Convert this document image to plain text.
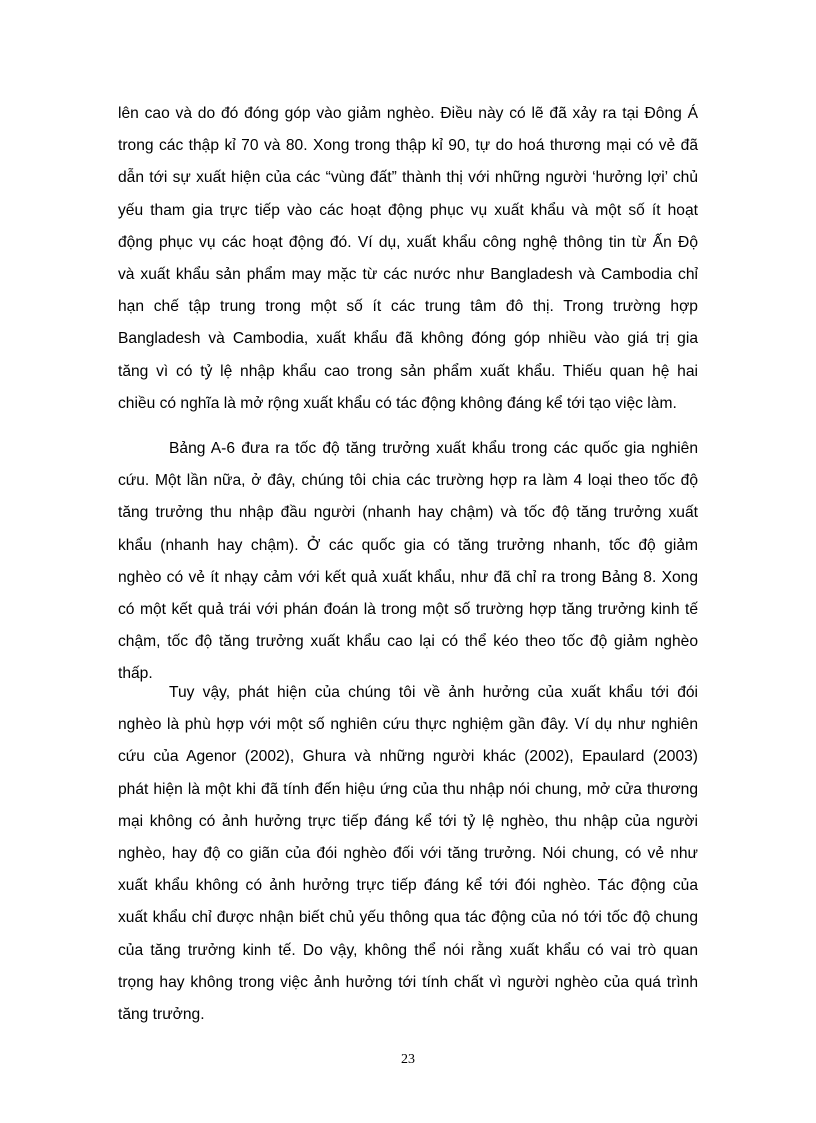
lên cao và do đó đóng góp vào giảm nghèo. Điều này có lẽ đã xảy ra tại Đông Á
trong các thập kỉ 70 và 80. Xong trong thập kỉ 90, tự do hoá thương mại có vẻ đã
dẫn tới sự xuất hiện của các “vùng đất” thành thị với những người ‘hưởng lợi’ chủ
yếu tham gia trực tiếp vào các hoạt động phục vụ xuất khẩu và một số ít hoạt
động phục vụ các hoạt động đó. Ví dụ, xuất khẩu công nghệ thông tin từ Ấn Độ
và xuất khẩu sản phẩm may mặc từ các nước như Bangladesh và Cambodia chỉ
hạn chế tập trung trong một số ít các trung tâm đô thị. Trong trường hợp
Bangladesh và Cambodia, xuất khẩu đã không đóng góp nhiều vào giá trị gia
tăng vì có tỷ lệ nhập khẩu cao trong sản phẩm xuất khẩu. Thiếu quan hệ hai
chiều có nghĩa là mở rộng xuất khẩu có tác động không đáng kể tới tạo việc làm.
Bảng A-6 đưa ra tốc độ tăng trưởng xuất khẩu trong các quốc gia nghiên
cứu. Một lần nữa, ở đây, chúng tôi chia các trường hợp ra làm 4 loại theo tốc độ
tăng trưởng thu nhập đầu người (nhanh hay chậm) và tốc độ tăng trưởng xuất
khẩu (nhanh hay chậm). Ở các quốc gia có tăng trưởng nhanh, tốc độ giảm
nghèo có vẻ ít nhạy cảm với kết quả xuất khẩu, như đã chỉ ra trong Bảng 8. Xong
có một kết quả trái với phán đoán là trong một số trường hợp tăng trưởng kinh tế
chậm, tốc độ tăng trưởng xuất khẩu cao lại có thể kéo theo tốc độ giảm nghèo
thấp.
Tuy vậy, phát hiện của chúng tôi về ảnh hưởng của xuất khẩu tới đói
nghèo là phù hợp với một số nghiên cứu thực nghiệm gần đây. Ví dụ như nghiên
cứu của Agenor (2002), Ghura và những người khác (2002), Epaulard (2003)
phát hiện là một khi đã tính đến hiệu ứng của thu nhập nói chung, mở cửa thương
mại không có ảnh hưởng trực tiếp đáng kể tới tỷ lệ nghèo, thu nhập của người
nghèo, hay độ co giãn của đói nghèo đối với tăng trưởng. Nói chung, có vẻ như
xuất khẩu không có ảnh hưởng trực tiếp đáng kể tới đói nghèo. Tác động của
xuất khẩu chỉ được nhận biết chủ yếu thông qua tác động của nó tới tốc độ chung
của tăng trưởng kinh tế. Do vậy, không thể nói rằng xuất khẩu có vai trò quan
trọng hay không trong việc ảnh hưởng tới tính chất vì người nghèo của quá trình
tăng trưởng.
23
